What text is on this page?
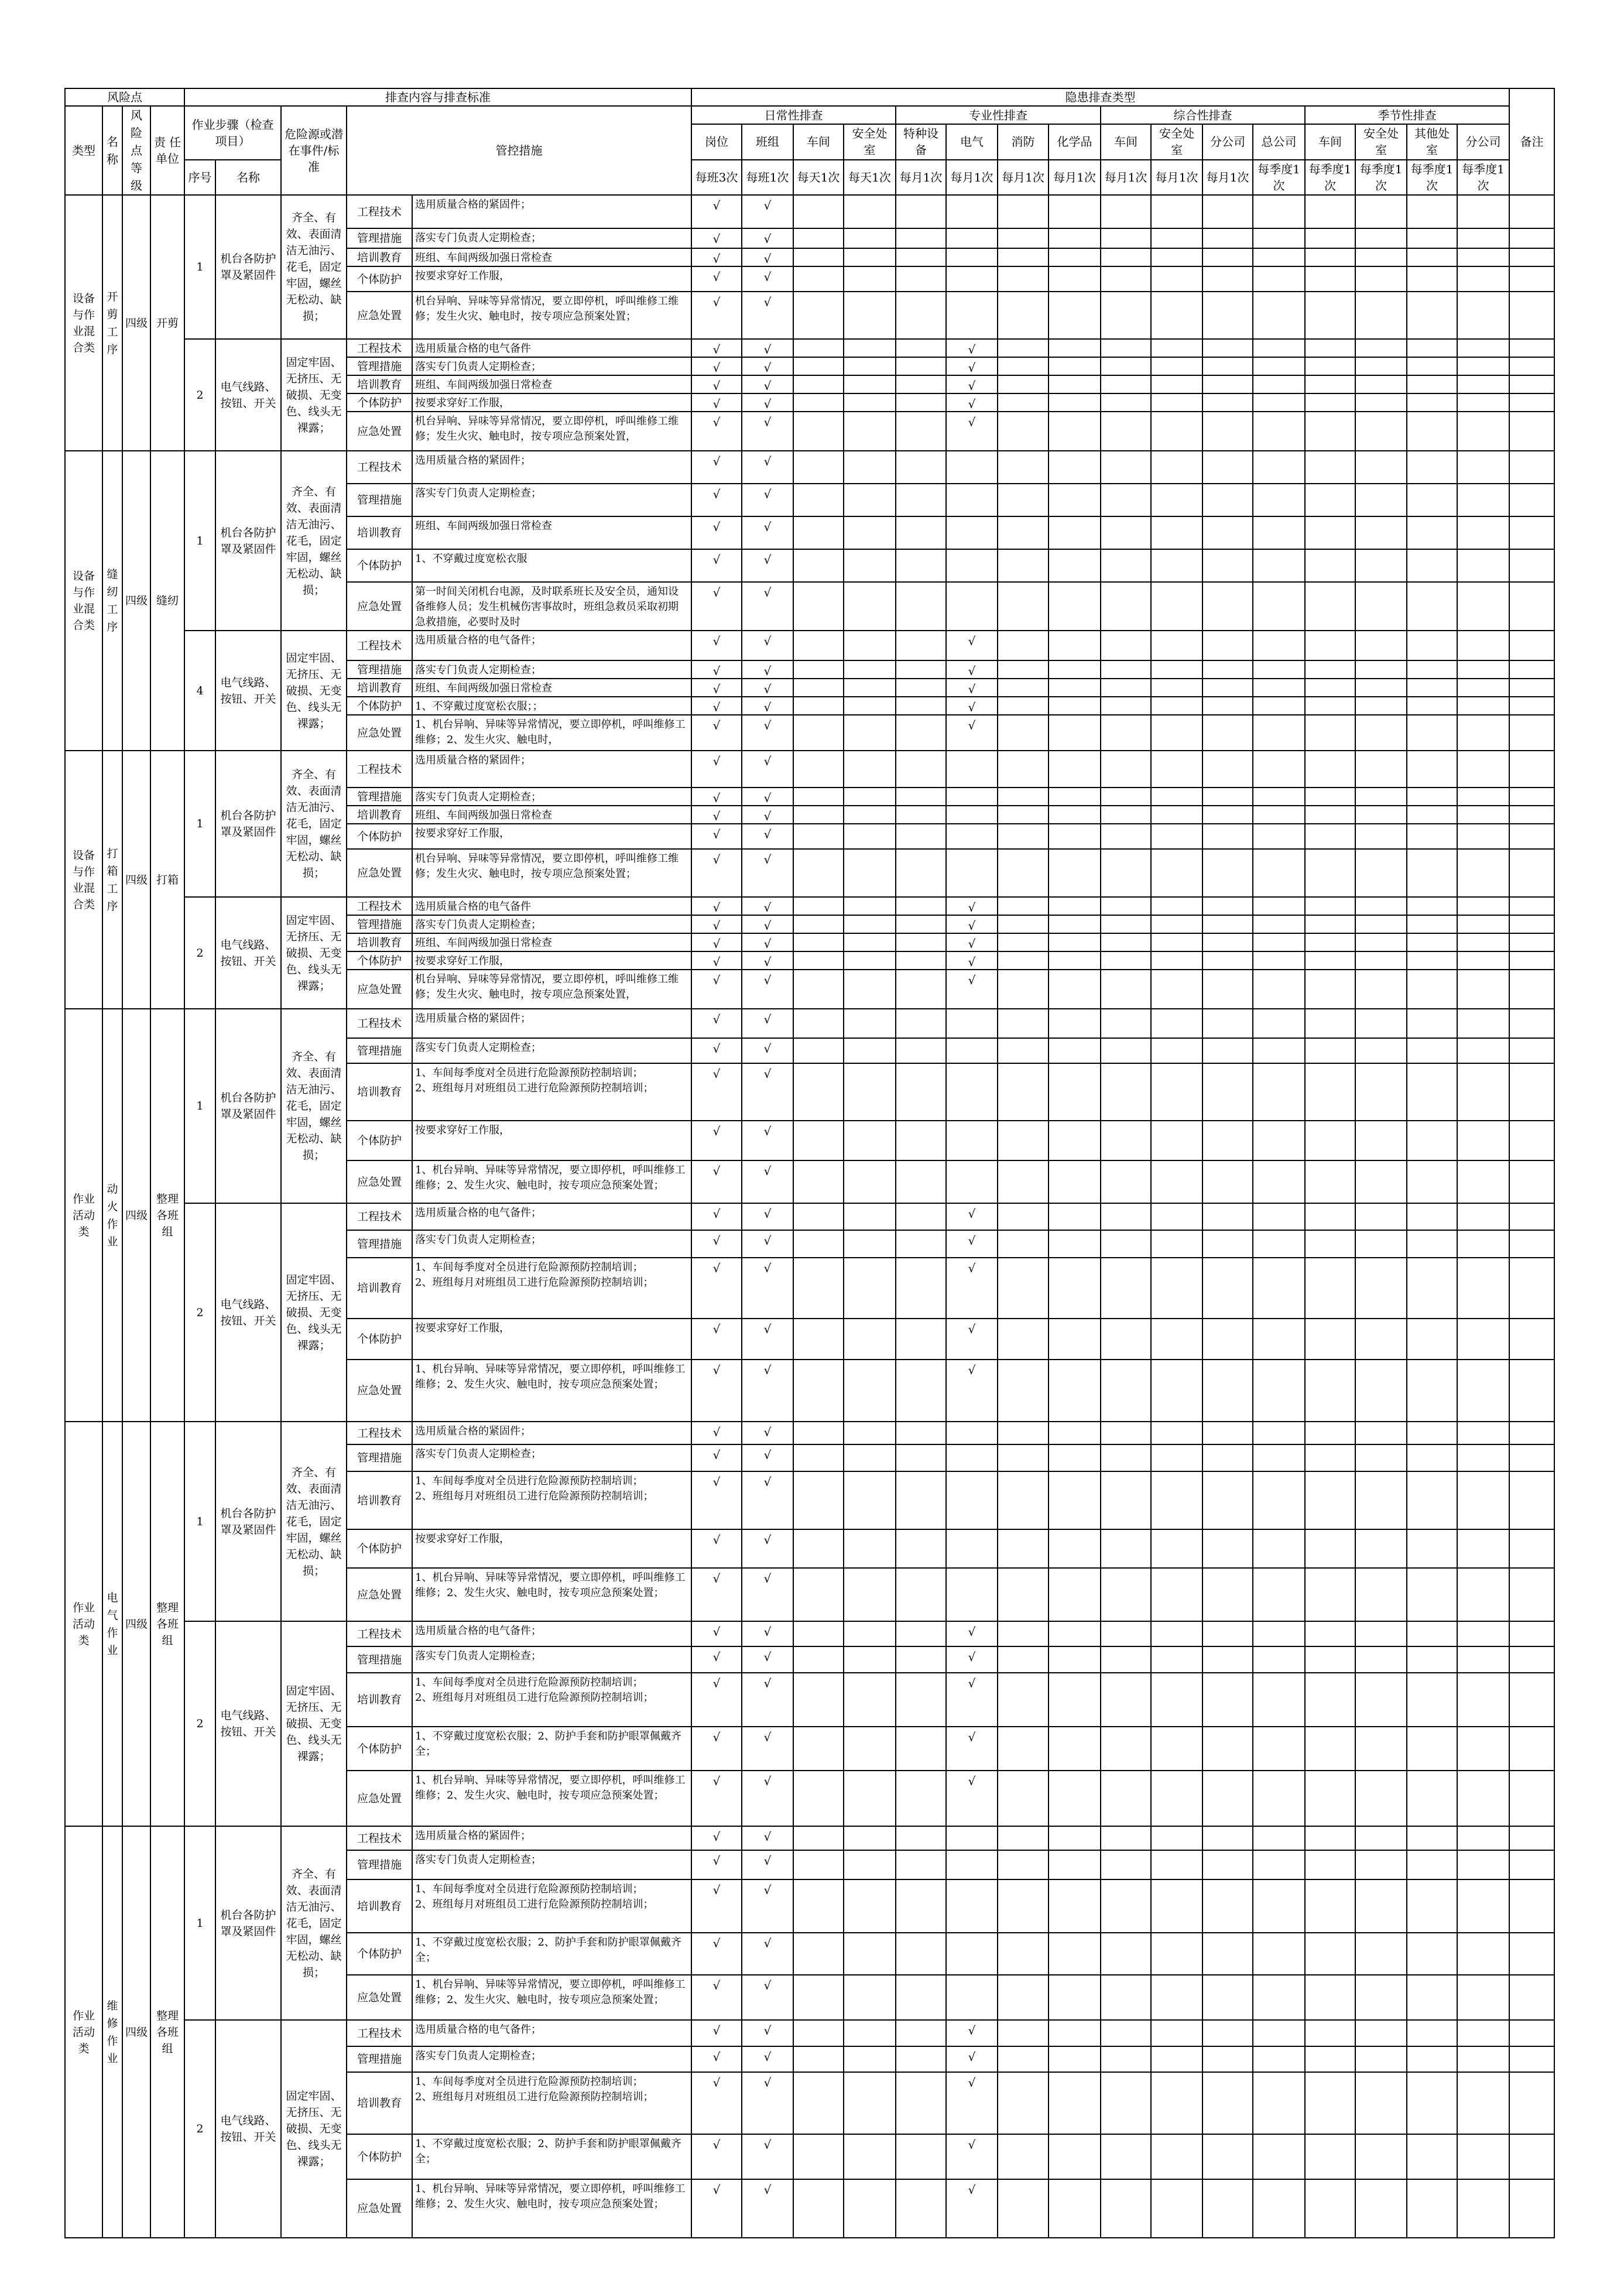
风险点				排查内容与排查标准					隐患排查类型																备注
类型	名称	风险点等级	责 任单位	作业步骤（检查项目）		危险源或潜在事件/标准	管控措施		日常性排查				专业性排查				综合性排查				季节性排查				
									岗位	班组	车间	安全处室	特种设备	电气	消防	化学品	车间	安全处室	分公司	总公司	车间	安全处室	其他处室	分公司	
				序号	名称				每班3次	每班1次	每天1次	每天1次	每月1次	每月1次	每月1次	每月1次	每月1次	每月1次	每月1次	每季度1次	每季度1次	每季度1次	每季度1次	每季度1次	
设备与作业混合类	开剪工序	四级	开剪	1	机台各防护罩及紧固件	齐全、有效、表面清洁无油污、花毛，固定牢固，螺丝无松动、缺损；	工程技术	选用质量合格的紧固件；	√	√															
							管理措施	落实专门负责人定期检查；	√	√															
							培训教育	班组、车间两级加强日常检查	√	√															
							个体防护	按要求穿好工作服，	√	√															
							应急处置	机台异响、异味等异常情况，要立即停机，呼叫维修工维修；发生火灾、触电时，按专项应急预案处置；	√	√															
				2	电气线路、按钮、开关	固定牢固、无挤压、无破损、无变色、线头无裸露；	工程技术	选用质量合格的电气备件	√	√				√											
							管理措施	落实专门负责人定期检查；	√	√				√											
							培训教育	班组、车间两级加强日常检查	√	√				√											
							个体防护	按要求穿好工作服，	√	√				√											
							应急处置	机台异响、异味等异常情况，要立即停机，呼叫维修工维修；发生火灾、触电时，按专项应急预案处置，	√	√				√											
设备与作业混合类	缝纫工序	四级	缝纫	1	机台各防护罩及紧固件	齐全、有效、表面清洁无油污、花毛，固定牢固，螺丝无松动、缺损；	工程技术	选用质量合格的紧固件；	√	√															
							管理措施	落实专门负责人定期检查；	√	√															
							培训教育	班组、车间两级加强日常检查	√	√															
							个体防护	1、不穿戴过度宽松衣服	√	√															
							应急处置	第一时间关闭机台电源，及时联系班长及安全员，通知设备维修人员；发生机械伤害事故时，班组急救员采取初期急救措施，必要时及时	√	√															
				4	电气线路、按钮、开关	固定牢固、无挤压、无破损、无变色、线头无裸露；	工程技术	选用质量合格的电气备件；	√	√				√											
							管理措施	落实专门负责人定期检查；	√	√				√											
							培训教育	班组、车间两级加强日常检查	√	√				√											
							个体防护	1、不穿戴过度宽松衣服；；	√	√				√											
							应急处置	1、机台异响、异味等异常情况，要立即停机，呼叫维修工维修；2、发生火灾、触电时，	√	√				√											
设备与作业混合类	打箱工序	四级	打箱	1	机台各防护罩及紧固件	齐全、有效、表面清洁无油污、花毛，固定牢固，螺丝无松动、缺损；	工程技术	选用质量合格的紧固件；	√	√															
							管理措施	落实专门负责人定期检查；	√	√															
							培训教育	班组、车间两级加强日常检查	√	√															
							个体防护	按要求穿好工作服，	√	√															
							应急处置	机台异响、异味等异常情况，要立即停机，呼叫维修工维修；发生火灾、触电时，按专项应急预案处置；	√	√															
				2	电气线路、按钮、开关	固定牢固、无挤压、无破损、无变色、线头无裸露；	工程技术	选用质量合格的电气备件	√	√				√											
							管理措施	落实专门负责人定期检查；	√	√				√											
							培训教育	班组、车间两级加强日常检查	√	√				√											
							个体防护	按要求穿好工作服，	√	√				√											
							应急处置	机台异响、异味等异常情况，要立即停机，呼叫维修工维修；发生火灾、触电时，按专项应急预案处置，	√	√				√											
作业活动类	动火作业	四级	整理各班组	1	机台各防护罩及紧固件	齐全、有效、表面清洁无油污、花毛，固定牢固，螺丝无松动、缺损；	工程技术	选用质量合格的紧固件；	√	√															
							管理措施	落实专门负责人定期检查；	√	√															
							培训教育	1、车间每季度对全员进行危险源预防控制培训；
2、班组每月对班组员工进行危险源预防控制培训；	√	√															
							个体防护	按要求穿好工作服，	√	√															
							应急处置	1、机台异响、异味等异常情况，要立即停机，呼叫维修工维修；2、发生火灾、触电时，按专项应急预案处置；	√	√															
				2	电气线路、按钮、开关	固定牢固、无挤压、无破损、无变色、线头无裸露；	工程技术	选用质量合格的电气备件；	√	√				√											
							管理措施	落实专门负责人定期检查；	√	√				√											
							培训教育	1、车间每季度对全员进行危险源预防控制培训；
2、班组每月对班组员工进行危险源预防控制培训；	√	√				√											
							个体防护	按要求穿好工作服，	√	√				√											
							应急处置	1、机台异响、异味等异常情况，要立即停机，呼叫维修工维修；2、发生火灾、触电时，按专项应急预案处置；	√	√				√											
作业活动类	电气作业	四级	整理各班组	1	机台各防护罩及紧固件	齐全、有效、表面清洁无油污、花毛，固定牢固，螺丝无松动、缺损；	工程技术	选用质量合格的紧固件；	√	√															
							管理措施	落实专门负责人定期检查；	√	√															
							培训教育	1、车间每季度对全员进行危险源预防控制培训；
2、班组每月对班组员工进行危险源预防控制培训；	√	√															
							个体防护	按要求穿好工作服，	√	√															
							应急处置	1、机台异响、异味等异常情况，要立即停机，呼叫维修工维修；2、发生火灾、触电时，按专项应急预案处置；	√	√															
				2	电气线路、按钮、开关	固定牢固、无挤压、无破损、无变色、线头无裸露；	工程技术	选用质量合格的电气备件；	√	√				√											
							管理措施	落实专门负责人定期检查；	√	√				√											
							培训教育	1、车间每季度对全员进行危险源预防控制培训；
2、班组每月对班组员工进行危险源预防控制培训；	√	√				√											
							个体防护	1、不穿戴过度宽松衣服；2、防护手套和防护眼罩佩戴齐全；	√	√				√											
							应急处置	1、机台异响、异味等异常情况，要立即停机，呼叫维修工维修；2、发生火灾、触电时，按专项应急预案处置；	√	√				√											
作业活动类	维修作业	四级	整理各班组	1	机台各防护罩及紧固件	齐全、有效、表面清洁无油污、花毛，固定牢固，螺丝无松动、缺损；	工程技术	选用质量合格的紧固件；	√	√															
							管理措施	落实专门负责人定期检查；	√	√															
							培训教育	1、车间每季度对全员进行危险源预防控制培训；
2、班组每月对班组员工进行危险源预防控制培训；	√	√															
							个体防护	1、不穿戴过度宽松衣服；2、防护手套和防护眼罩佩戴齐全；	√	√															
							应急处置	1、机台异响、异味等异常情况，要立即停机，呼叫维修工维修；2、发生火灾、触电时，按专项应急预案处置；	√	√															
				2	电气线路、按钮、开关	固定牢固、无挤压、无破损、无变色、线头无裸露；	工程技术	选用质量合格的电气备件；	√	√				√											
							管理措施	落实专门负责人定期检查；	√	√				√											
							培训教育	1、车间每季度对全员进行危险源预防控制培训；
2、班组每月对班组员工进行危险源预防控制培训；	√	√				√											
							个体防护	1、不穿戴过度宽松衣服；2、防护手套和防护眼罩佩戴齐全；	√	√				√											
							应急处置	1、机台异响、异味等异常情况，要立即停机，呼叫维修工维修；2、发生火灾、触电时，按专项应急预案处置；	√	√				√											
